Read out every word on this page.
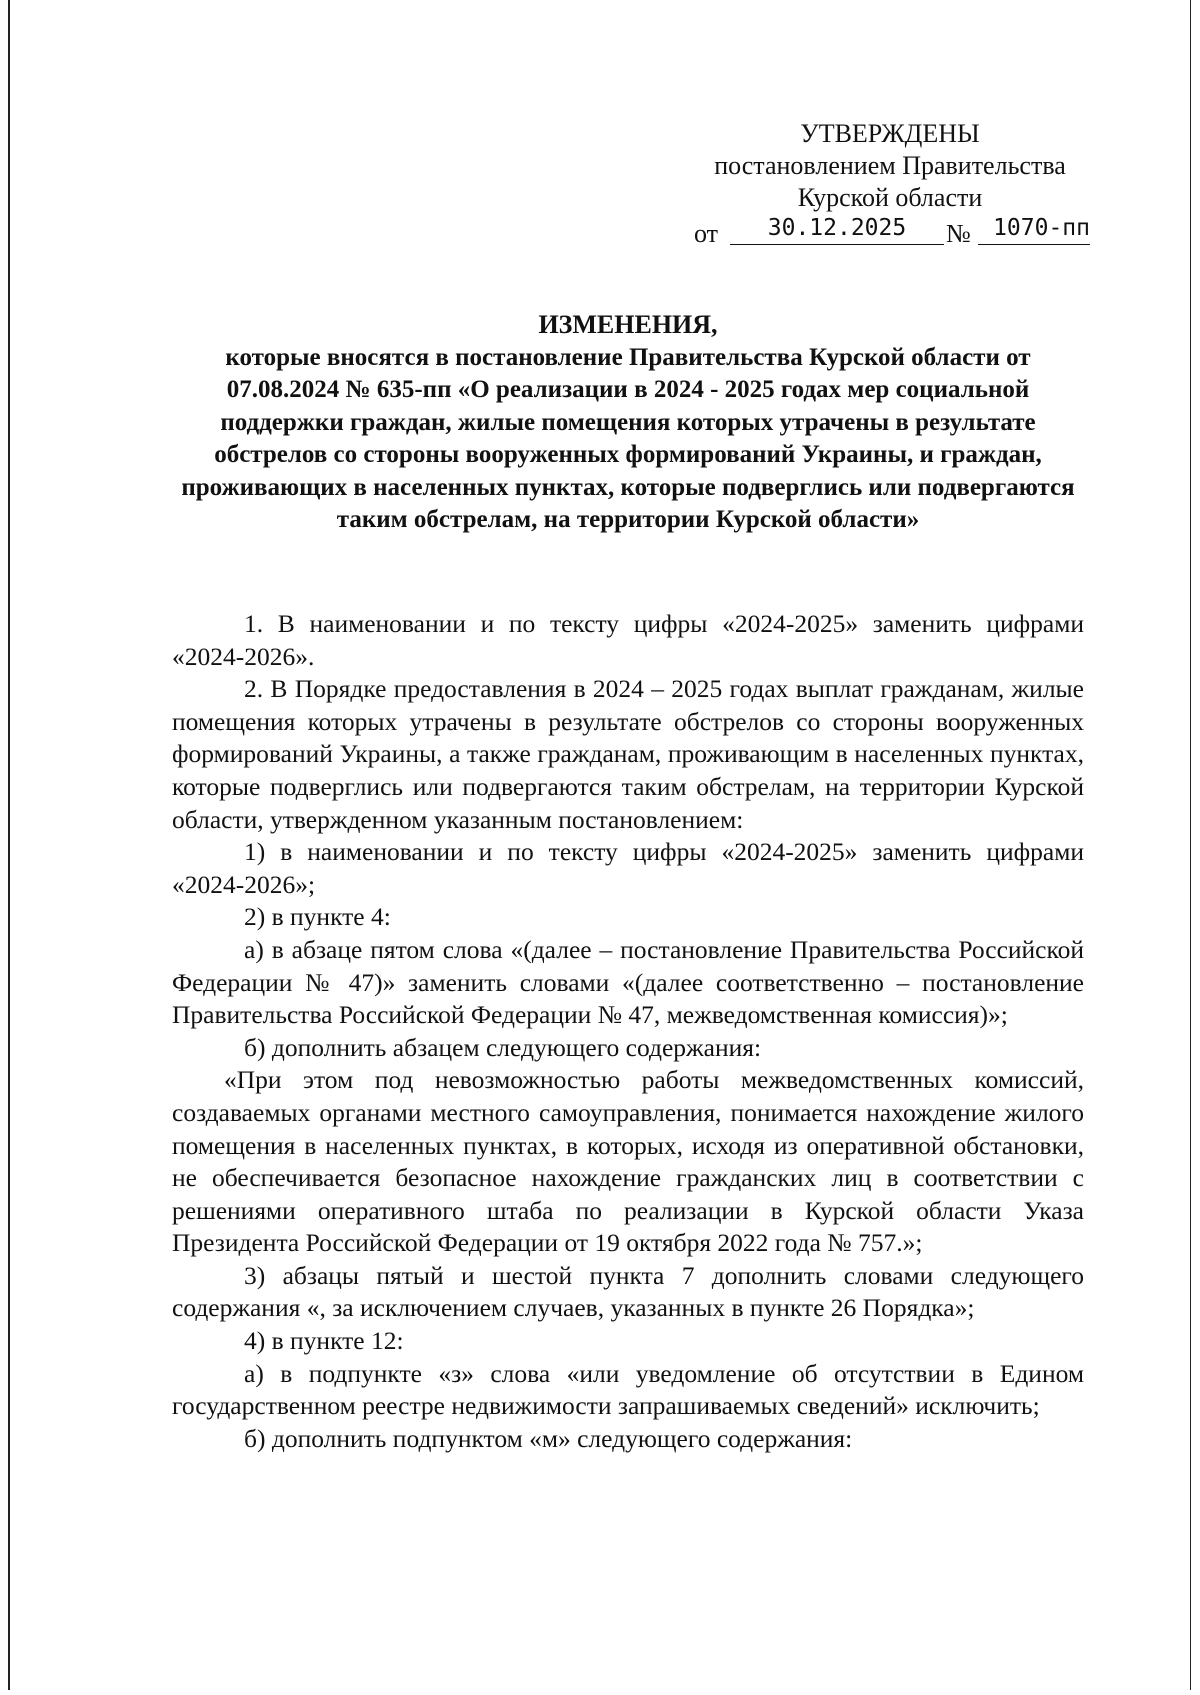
УТВЕРЖДЕНЫ
постановлением Правительства
Курской области
от	30.12.2025	№ 1070-пп
ИЗМЕНЕНИЯ,
которые вносятся в постановление Правительства Курской области от 07.08.2024 № 635-пп «О реализации в 2024 - 2025 годах мер социальной поддержки граждан, жилые помещения которых утрачены в результате обстрелов со стороны вооруженных формирований Украины, и граждан, проживающих в населенных пунктах, которые подверглись или подвергаются таким обстрелам, на территории Курской области»

1. В наименовании и по тексту цифры «2024-2025» заменить цифрами «2024-2026».

2. В Порядке предоставления в 2024 – 2025 годах выплат гражданам, жилые помещения которых утрачены в результате обстрелов со стороны вооруженных формирований Украины, а также гражданам, проживающим в населенных пунктах, которые подверглись или подвергаются таким обстрелам, на территории Курской области, утвержденном указанным постановлением:

1) в наименовании и по тексту цифры «2024-2025» заменить цифрами «2024-2026»;

2) в пункте 4:

а) в абзаце пятом слова «(далее – постановление Правительства Российской Федерации № 47)» заменить словами «(далее соответственно – постановление Правительства Российской Федерации № 47, межведомственная комиссия)»;

б) дополнить абзацем следующего содержания:

«При этом под невозможностью работы межведомственных комиссий, создаваемых органами местного самоуправления, понимается нахождение жилого помещения в населенных пунктах, в которых, исходя из оперативной обстановки, не обеспечивается безопасное нахождение гражданских лиц в соответствии с решениями оперативного штаба по реализации в Курской области Указа Президента Российской Федерации от 19 октября 2022 года № 757.»;

3) абзацы пятый и шестой пункта 7 дополнить словами следующего содержания «, за исключением случаев, указанных в пункте 26 Порядка»;

4) в пункте 12:

а) в подпункте «з» слова «или уведомление об отсутствии в Едином государственном реестре недвижимости запрашиваемых сведений» исключить;

б) дополнить подпунктом «м» следующего содержания:
